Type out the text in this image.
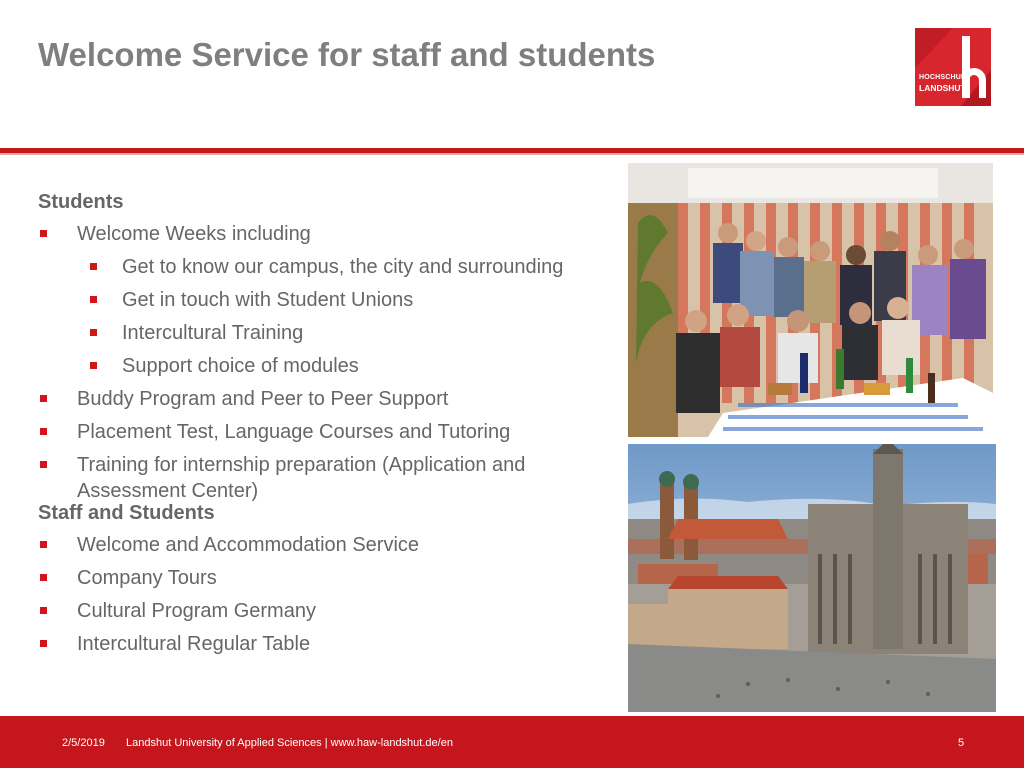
Welcome Service for staff and students
HOCHSCHULE
LANDSHUT
Students
Welcome Weeks including
Get to know our campus, the city and surrounding
Get in touch with Student Unions
Intercultural Training
Support choice of modules
Buddy Program and Peer to Peer Support
Placement Test, Language Courses and Tutoring
Training for internship preparation (Application and Assessment Center)
Staff and Students
Welcome and Accommodation Service
Company Tours
Cultural Program Germany
Intercultural Regular Table
2/5/2019 Landshut University of Applied Sciences | www.haw-landshut.de/en	5
